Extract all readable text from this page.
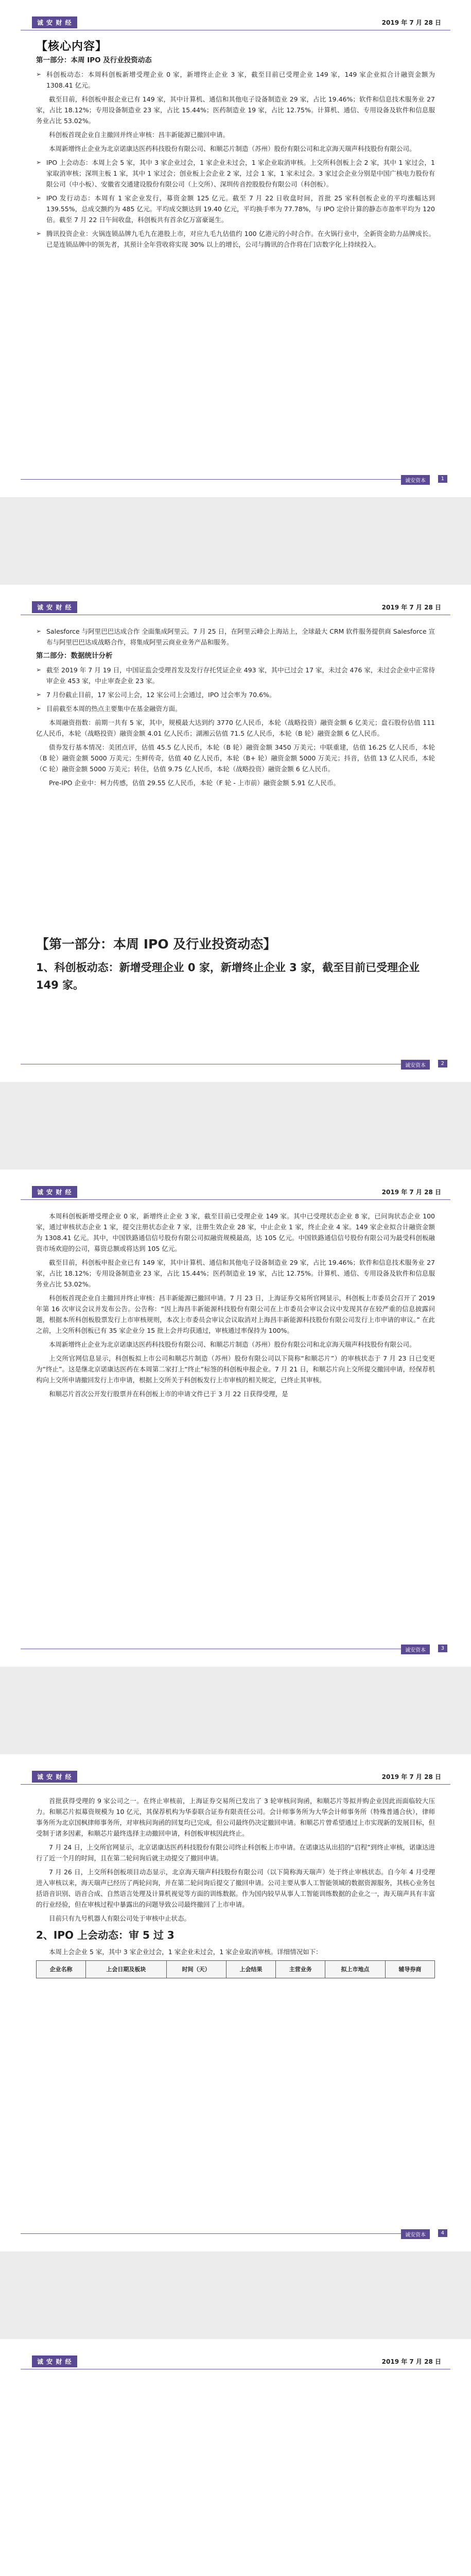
诚 安 财 经	2019 年 7 月 28 日

【核心内容】

第一部分：本周 IPO 及行业投资动态

➢ 科创板动态：本周科创板新增受理企业 0 家，新增终止企业 3 家，截至目前已受理企业 149 家，149 家企业拟合计融资金额为 1308.41 亿元。

截至目前，科创板申报企业已有 149 家，其中计算机、通信和其他电子设备制造业 29 家，占比 19.46%；软件和信息技术服务业 27 家，占比 18.12%；专用设备制造业 23 家，占比 15.44%；医药制造业 19 家，占比 12.75%。计算机、通信、专用设备及软件和信息服务业占比 53.02%。

科创板首现企业自主撤回并终止审核：昌丰新能源已撤回申请。

本周新增终止企业为北京诺康达医药科技股份有限公司、和顺芯片制造（苏州）股份有限公司和北京海天瑞声科技股份有限公司。

➢ IPO 上会动态：本周上会 5 家，其中 3 家企业过会，1 家企业未过会，1 家企业取消审核。上交所科创板上会 2 家，其中 1 家过会，1 家取消审核；深圳主板 1 家，其中 1 家过会；创业板上会企业 2 家，过会 1 家，1 家未过会。3 家过会企业分别是中国广核电力股份有限公司（中小板）、安徽省交通建设股份有限公司（上交所）、深圳传音控股股份有限公司（科创板）。

➢ IPO 发行动态：本周有 1 家企业发行，募资金额 125 亿元。截至 7 月 22 日收盘时间，首批 25 家科创板企业的平均涨幅达到 139.55%，总成交额约为 485 亿元。平均成交额达到 19.40 亿元，平均换手率为 77.78%，与 IPO 定价计算的静态市盈率平均为 120 倍。截至 7 月 22 日午间收盘，科创板共有首余亿万富豪诞生。

➢ 腾讯投资企业：火锅连锁品牌九毛九在港股上市，对应九毛九估值约 100 亿港元的小时合作。在火锅行业中，全新资金助力品牌成长。已是连锁品牌中的领先者，其预计全年营收将实现 30% 以上的增长，公司与腾讯的合作将在门店数字化上持续投入。

诚安资本	1
诚 安 财 经	2019 年 7 月 28 日

➢ Salesforce 与阿里巴巴达成合作 全面集成阿里云。7 月 25 日，在阿里云峰会上海站上，全球最大 CRM 软件服务提供商 Salesforce 宣布与阿里巴巴达成战略合作，将集成阿里云商业业务产品和服务。

第二部分：数据统计分析

➢ 截至 2019 年 7 月 19 日，中国证监会受理首发及发行存托凭证企业 493 家，其中已过会 17 家，未过会 476 家，未过会企业中正常待审企业 453 家，中止审查企业 23 家。

➢ 7 月份截止目前，17 家公司上会，12 家公司上会通过，IPO 过会率为 70.6%。

➢ 目前截至本周的热点主要集中在基金融资方面。

本周融资指数：前期一共有 5 家，其中，规模最大达到约 3770 亿人民币，本轮（战略投资）融资金额 6 亿美元；盘石股份估值 111 亿人民币，本轮（战略投资）融资金额 4.01 亿人民币；湖湘云估值 71.5 亿人民币，本轮（B 轮）融资金额 6 亿人民币。

债券发行基本情况：美团点评，估值 45.5 亿人民币，本轮（B 轮）融资金额 3450 万美元；中联重建，估值 16.25 亿人民币，本轮（B 轮）融资金额 5000 万美元；生鲜传奇，估值 40 亿人民币，本轮（B+ 轮）融资金额 5000 万美元；抖音，估值 13 亿人民币，本轮（C 轮）融资金额 5000 万美元；转住，估值 9.75 亿人民币，本轮（战略投资）融资金额 6 亿人民币。

Pre-IPO 企业中：柯力传感，估值 29.55 亿人民币，本轮（F 轮 - 上市前）融资金额 5.91 亿人民币。

【第一部分：本周 IPO 及行业投资动态】
1、科创板动态：新增受理企业 0 家，新增终止企业 3 家，截至目前已受理企业 149 家。
诚安资本	2
诚 安 财 经	2019 年 7 月 28 日

本周科创板新增受理企业 0 家，新增终止企业 3 家，截至目前已受理企业 149 家。其中已受理状态企业 8 家，已问询状态企业 100 家，通过审核状态企业 1 家，提交注册状态企业 7 家，注册生效企业 28 家，中止企业 1 家，终止企业 4 家。149 家企业拟合计融资金额为 1308.41 亿元。其中，中国铁路通信信号股份有限公司拟融资规模最高，达 105 亿元。中国铁路通信信号股份有限公司为最受科创板融资市场欢迎的公司，募资总额或将达到 105 亿元。

截至目前，科创板申报企业已有 149 家，其中计算机、通信和其他电子设备制造业 29 家，占比 19.46%；软件和信息技术服务业 27 家，占比 18.12%；专用设备制造业 23 家，占比 15.44%；医药制造业 19 家，占比 12.75%。计算机、通信、专用设备及软件和信息服务业占比 53.02%。

科创板首现企业自主撤回并终止审核：昌丰新能源已撤回申请。7 月 23 日，上海证券交易所官网显示，科创板上市委员会召开了 2019 年第 16 次审议会议并发布公告。公告称：“因上海昌丰新能源科技股份有限公司在上市委员会审议会议中发现其存在较严重的信息披露问题，根据本所科创板股票发行上市审核规则，本次上市委员会审议会议取消对上海昌丰新能源科技股份有限公司发行上市申请的审议。” 在此之前，上交所科创板已有 35 家企业分 15 批上会并均获通过，审核通过率保持为 100%。

本周新增终止企业为北京诺康达医药科技股份有限公司、和顺芯片制造（苏州）股份有限公司和北京海天瑞声科技股份有限公司。

上交所官网信息显示，科创板拟上市公司和顺芯片制造（苏州）股份有限公司以下简称“和顺芯片”）的审核状态于 7 月 23 日已变更为“终止”。这是继北京诺康达医药在本周第二家打上“终止”标签的科创板申报企业。7 月 21 日，和顺芯片向上交所提交撤回申请，经保荐机构向上交所申请撤回发行上市申请，根据上交所关于科创板发行上市审核的相关规定，已终止其审核。

和顺芯片首次公开发行股票并在科创板上市的申请文件已于 3 月 22 日获得受理，是

诚安资本	3
诚 安 财 经	2019 年 7 月 28 日

首批获得受理的 9 家公司之一。在终止审核前，上海证券交易所已发出了 3 轮审核问询函，和顺芯片等拟并购企业因此而面临较大压力。和顺芯片拟募资规模为 10 亿元，其保荐机构为华泰联合证券有限责任公司。会计师事务所为大华会计师事务所（特殊普通合伙），律师事务所为北京国枫律师事务所，对审核问询函的回复均已完成，但公司最终仍决定撤回申请。和顺芯片曾希望通过上市实现新的发展目标，但受制于诸多因素，和顺芯片最终选择主动撤回申请，科创板审核因此终止。

7 月 24 日，上交所官网显示，北京诺康达医药科技股份有限公司终止科创板上市申请。在诺康达从出招的“启程”到终止审核，诺康达进行了近一个月的时间，且在第二轮问询后就主动提交了撤回申请。

7 月 26 日，上交所科创板项目动态显示，北京海天瑞声科技股份有限公司（以下简称海天瑞声）处于终止审核状态。自今年 4 月受理进入审核以来，海天瑞声已经历了两轮问询，并在第二轮问询后提交了撤回申请。公司主要从事人工智能领域的数据资源服务，其核心业务包括语音识别、语音合成、自然语言处理及计算机视觉等方面的训练数据。作为国内较早从事人工智能训练数据的企业之一，海天瑞声具有丰富的行业经验，但在审核过程中暴露出的问题导致公司最终撤回了上市申请。

目前只有九号机器人有限公司处于审核中止状态。

2、IPO 上会动态：审 5 过 3

本周上会企业 5 家，其中 3 家企业过会，1 家企业未过会，1 家企业取消审核。详细情况如下：

企业名称	上会日期及板块	时间（天）	上会结果	主营业务	拟上市地点	辅导券商
诚安资本	4
诚 安 财 经	2019 年 7 月 28 日
